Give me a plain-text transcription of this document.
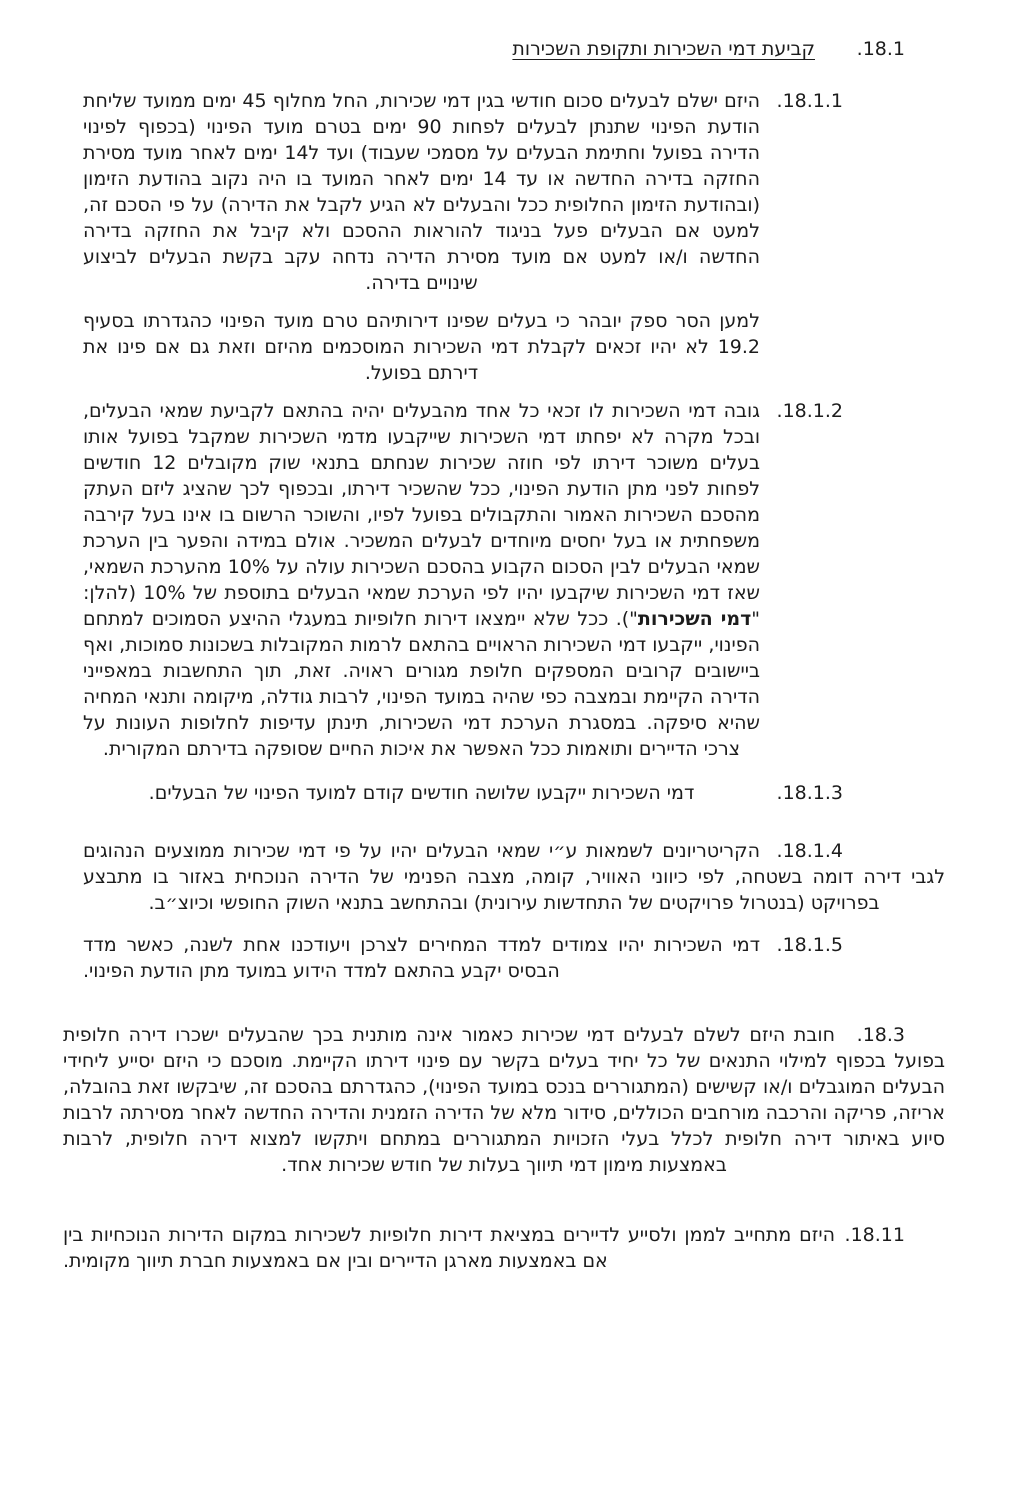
18.1.
קביעת דמי השכירות ותקופת השכירות
18.1.1.

היזם ישלם לבעלים סכום חודשי בגין דמי שכירות, החל מחלוף 45 ימים ממועד שליחת הודעת הפינוי שתנתן לבעלים לפחות 90 ימים בטרם מועד הפינוי (בכפוף לפינוי הדירה בפועל וחתימת הבעלים על מסמכי שעבוד) ועד ל14 ימים לאחר מועד מסירת החזקה בדירה החדשה או עד 14 ימים לאחר המועד בו היה נקוב בהודעת הזימון (ובהודעת הזימון החלופית ככל והבעלים לא הגיע לקבל את הדירה) על פי הסכם זה, למעט אם הבעלים פעל בניגוד להוראות ההסכם ולא קיבל את החזקה בדירה החדשה ו/או למעט אם מועד מסירת הדירה נדחה עקב בקשת הבעלים לביצוע שינויים בדירה.

למען הסר ספק יובהר כי בעלים שפינו דירותיהם טרם מועד הפינוי כהגדרתו בסעיף 19.2 לא יהיו זכאים לקבלת דמי השכירות המוסכמים מהיזם וזאת גם אם פינו את דירתם בפועל.

18.1.2.

גובה דמי השכירות לו זכאי כל אחד מהבעלים יהיה בהתאם לקביעת שמאי הבעלים, ובכל מקרה לא יפחתו דמי השכירות שייקבעו מדמי השכירות שמקבל בפועל אותו בעלים משוכר דירתו לפי חוזה שכירות שנחתם בתנאי שוק מקובלים 12 חודשים לפחות לפני מתן הודעת הפינוי, ככל שהשכיר דירתו, ובכפוף לכך שהציג ליזם העתק מהסכם השכירות האמור והתקבולים בפועל לפיו, והשוכר הרשום בו אינו בעל קירבה משפחתית או בעל יחסים מיוחדים לבעלים המשכיר. אולם במידה והפער בין הערכת שמאי הבעלים לבין הסכום הקבוע בהסכם השכירות עולה על 10% מהערכת השמאי, שאז דמי השכירות שיקבעו יהיו לפי הערכת שמאי הבעלים בתוספת של 10% (להלן: "דמי השכירות"). ככל שלא יימצאו דירות חלופיות במעגלי ההיצע הסמוכים למתחם הפינוי, ייקבעו דמי השכירות הראויים בהתאם לרמות המקובלות בשכונות סמוכות, ואף ביישובים קרובים המספקים חלופת מגורים ראויה. זאת, תוך התחשבות במאפייני הדירה הקיימת ובמצבה כפי שהיה במועד הפינוי, לרבות גודלה, מיקומה ותנאי המחיה שהיא סיפקה. במסגרת הערכת דמי השכירות, תינתן עדיפות לחלופות העונות על צרכי הדיירים ותואמות ככל האפשר את איכות החיים שסופקה בדירתם המקורית.

18.1.3.

דמי השכירות ייקבעו שלושה חודשים קודם למועד הפינוי של הבעלים.

18.1.4.

הקריטריונים לשמאות ע״י שמאי הבעלים יהיו על פי דמי שכירות ממוצעים הנהוגים לגבי דירה דומה בשטחה, לפי כיווני האוויר, קומה, מצבה הפנימי של הדירה הנוכחית באזור בו מתבצע בפרויקט (בנטרול פרויקטים של התחדשות עירונית) ובהתחשב בתנאי השוק החופשי וכיוצ״ב.

18.1.5.

דמי השכירות יהיו צמודים למדד המחירים לצרכן ויעודכנו אחת לשנה, כאשר מדד הבסיס יקבע בהתאם למדד הידוע במועד מתן הודעת הפינוי.

18.3.

חובת היזם לשלם לבעלים דמי שכירות כאמור אינה מותנית בכך שהבעלים ישכרו דירה חלופית בפועל בכפוף למילוי התנאים של כל יחיד בעלים בקשר עם פינוי דירתו הקיימת. מוסכם כי היזם יסייע ליחידי הבעלים המוגבלים ו/או קשישים (המתגוררים בנכס במועד הפינוי), כהגדרתם בהסכם זה, שיבקשו זאת בהובלה, אריזה, פריקה והרכבה מורחבים הכוללים, סידור מלא של הדירה הזמנית והדירה החדשה לאחר מסירתה לרבות סיוע באיתור דירה חלופית לכלל בעלי הזכויות המתגוררים במתחם ויתקשו למצוא דירה חלופית, לרבות באמצעות מימון דמי תיווך בעלות של חודש שכירות אחד.

18.11.

היזם מתחייב לממן ולסייע לדיירים במציאת דירות חלופיות לשכירות במקום הדירות הנוכחיות בין אם באמצעות מארגן הדיירים ובין אם באמצעות חברת תיווך מקומית.
